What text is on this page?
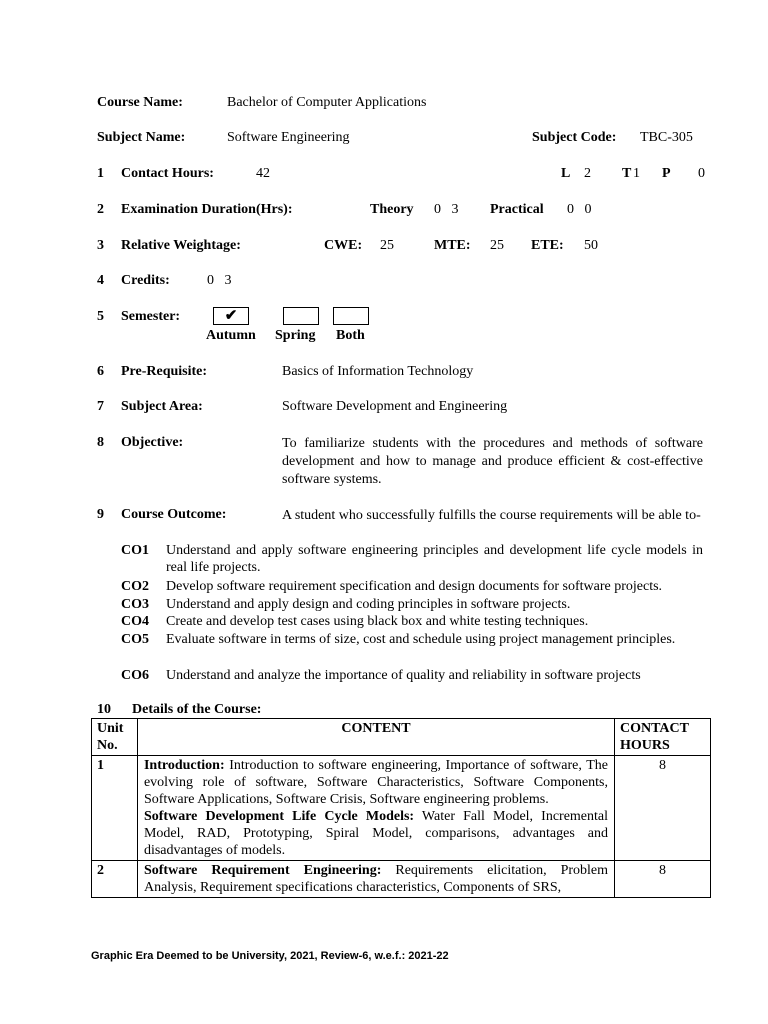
Course Name:	Bachelor of Computer Applications
Subject Name:	Software Engineering	Subject Code: TBC-305
1 Contact Hours:	42	L 2 T 1 P 0
2 Examination Duration(Hrs):	Theory 0   3 Practical 0   0
3 Relative Weightage:	CWE: 25	MTE: 25 ETE: 50
4 Credits:	0   3
5 Semester:	✔
Autumn Spring Both
6 Pre-Requisite:	Basics of Information Technology
7 Subject Area:	Software Development and Engineering
8 Objective:	To familiarize students with the procedures and methods of software development and how to manage and produce efficient & cost-effective software systems.
9 Course Outcome:	A student who successfully fulfills the course requirements will be able to-
CO1 Understand and apply software engineering principles and development life cycle models in real life projects.
CO2 Develop software requirement specification and design documents for software projects.
CO3 Understand and apply design and coding principles in software projects.
CO4 Create and develop test cases using black box and white testing techniques.
CO5 Evaluate software in terms of size, cost and schedule using project management principles.
CO6 Understand and analyze the importance of quality and reliability in software projects
10 Details of the Course:
Unit No.	CONTENT	CONTACT HOURS
1	Introduction: Introduction to software engineering, Importance of software, The evolving role of software, Software Characteristics, Software Components, Software Applications, Software Crisis, Software engineering problems.
Software Development Life Cycle Models: Water Fall Model, Incremental Model, RAD, Prototyping, Spiral Model, comparisons, advantages and disadvantages of models.	8
2	Software Requirement Engineering: Requirements elicitation, Problem Analysis, Requirement specifications characteristics, Components of SRS,	8
Graphic Era Deemed to be University, 2021, Review-6, w.e.f.: 2021-22
